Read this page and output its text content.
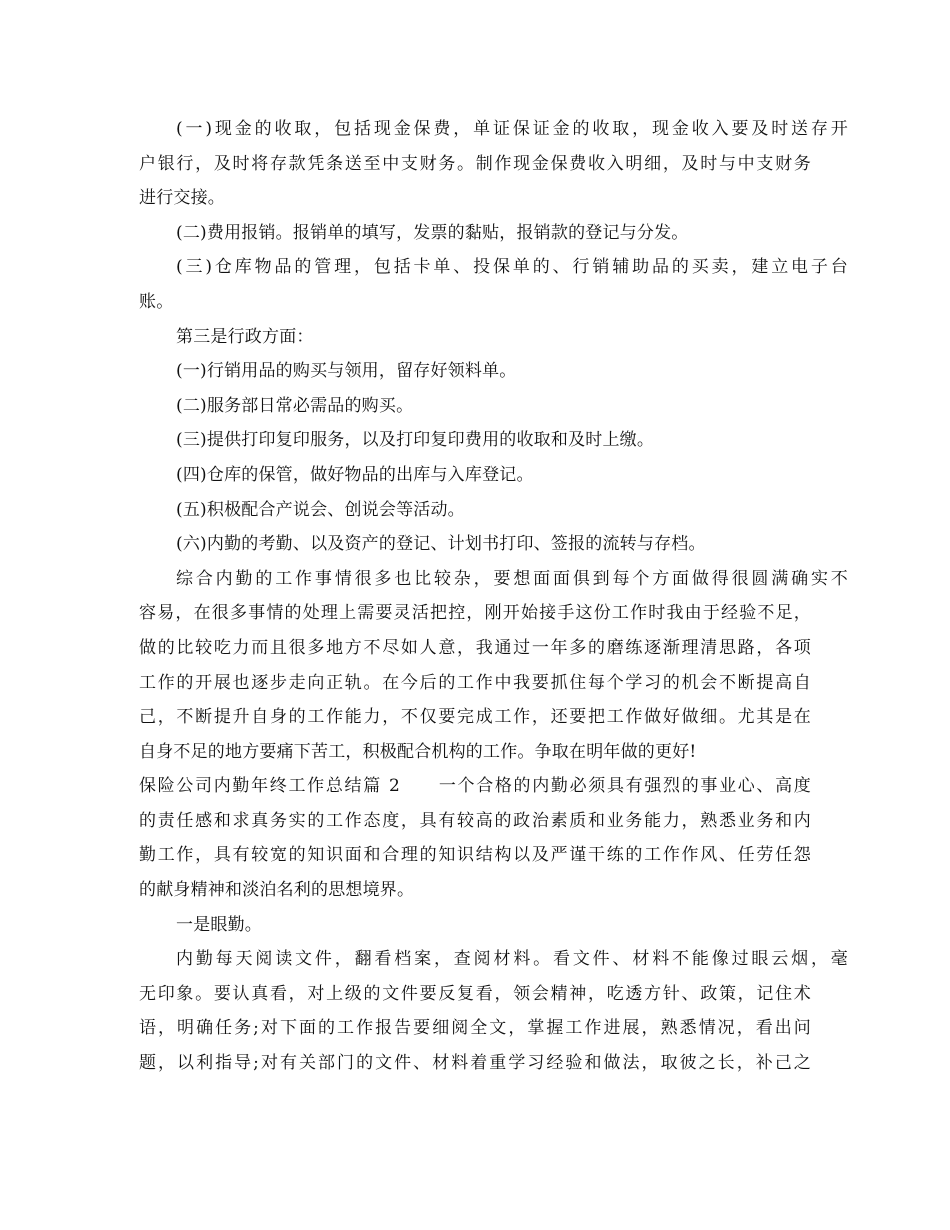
(一)现金的收取，包括现金保费，单证保证金的收取，现金收入要及时送存开
户银行，及时将存款凭条送至中支财务。制作现金保费收入明细，及时与中支财务
进行交接。
(二)费用报销。报销单的填写，发票的黏贴，报销款的登记与分发。
(三)仓库物品的管理，包括卡单、投保单的、行销辅助品的买卖，建立电子台
账。
第三是行政方面：
(一)行销用品的购买与领用，留存好领料单。
(二)服务部日常必需品的购买。
(三)提供打印复印服务，以及打印复印费用的收取和及时上缴。
(四)仓库的保管，做好物品的出库与入库登记。
(五)积极配合产说会、创说会等活动。
(六)内勤的考勤、以及资产的登记、计划书打印、签报的流转与存档。
综合内勤的工作事情很多也比较杂，要想面面俱到每个方面做得很圆满确实不
容易，在很多事情的处理上需要灵活把控，刚开始接手这份工作时我由于经验不足，
做的比较吃力而且很多地方不尽如人意，我通过一年多的磨练逐渐理清思路，各项
工作的开展也逐步走向正轨。在今后的工作中我要抓住每个学习的机会不断提高自
己，不断提升自身的工作能力，不仅要完成工作，还要把工作做好做细。尤其是在
自身不足的地方要痛下苦工，积极配合机构的工作。争取在明年做的更好!
保险公司内勤年终工作总结篇 2　　一个合格的内勤必须具有强烈的事业心、高度
的责任感和求真务实的工作态度，具有较高的政治素质和业务能力，熟悉业务和内
勤工作，具有较宽的知识面和合理的知识结构以及严谨干练的工作作风、任劳任怨
的献身精神和淡泊名利的思想境界。
一是眼勤。
内勤每天阅读文件，翻看档案，查阅材料。看文件、材料不能像过眼云烟，毫
无印象。要认真看，对上级的文件要反复看，领会精神，吃透方针、政策，记住术
语，明确任务;对下面的工作报告要细阅全文，掌握工作进展，熟悉情况，看出问
题，以利指导;对有关部门的文件、材料着重学习经验和做法，取彼之长，补己之
